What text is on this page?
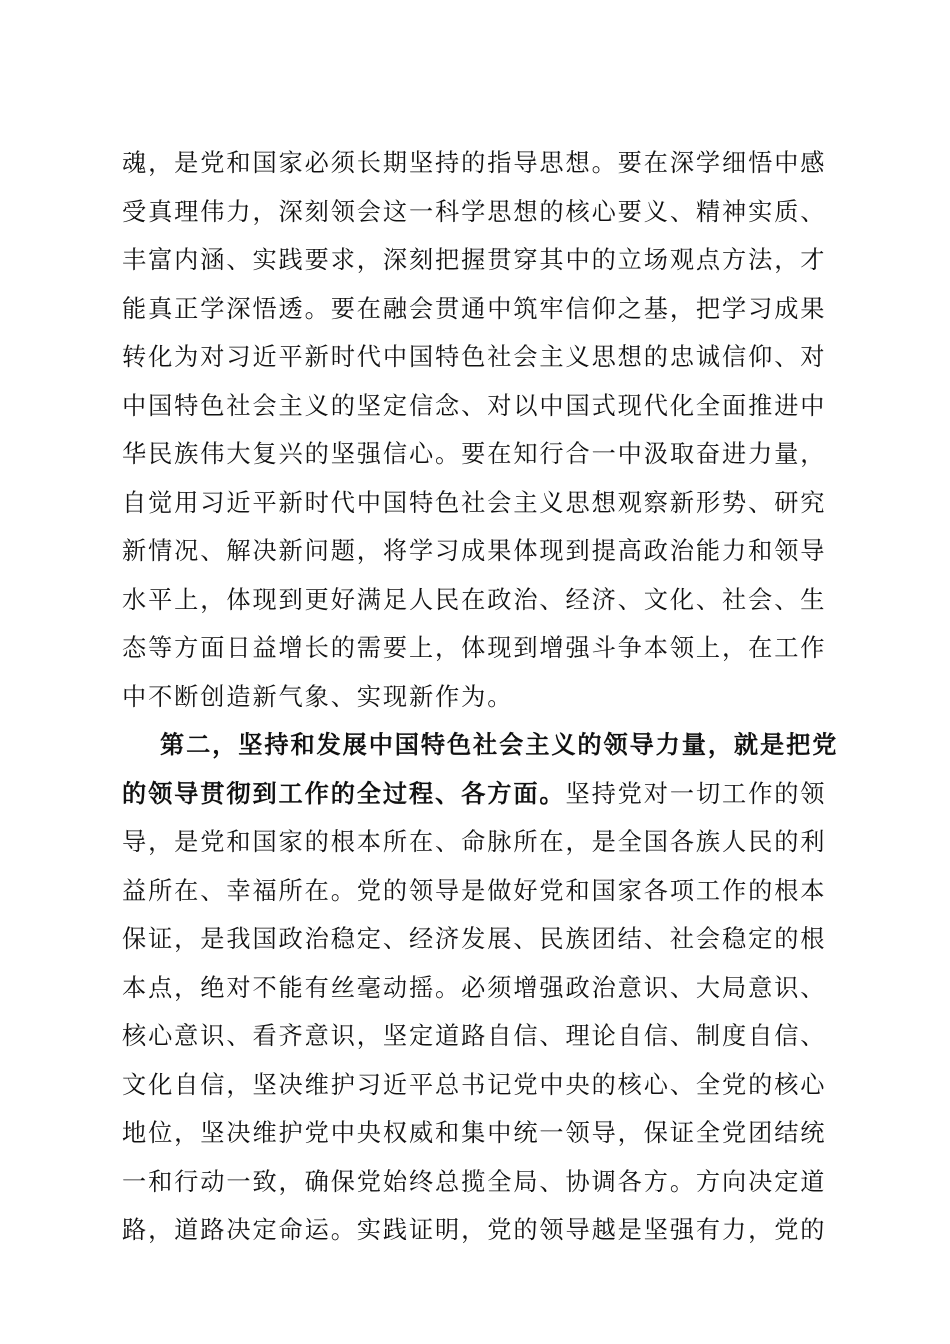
魂，是党和国家必须长期坚持的指导思想。要在深学细悟中感
受真理伟力，深刻领会这一科学思想的核心要义、精神实质、
丰富内涵、实践要求，深刻把握贯穿其中的立场观点方法，才
能真正学深悟透。要在融会贯通中筑牢信仰之基，把学习成果
转化为对习近平新时代中国特色社会主义思想的忠诚信仰、对
中国特色社会主义的坚定信念、对以中国式现代化全面推进中
华民族伟大复兴的坚强信心。要在知行合一中汲取奋进力量，
自觉用习近平新时代中国特色社会主义思想观察新形势、研究
新情况、解决新问题，将学习成果体现到提高政治能力和领导
水平上，体现到更好满足人民在政治、经济、文化、社会、生
态等方面日益增长的需要上，体现到增强斗争本领上，在工作
中不断创造新气象、实现新作为。
第二，坚持和发展中国特色社会主义的领导力量，就是把党
的领导贯彻到工作的全过程、各方面。坚持党对一切工作的领
导，是党和国家的根本所在、命脉所在，是全国各族人民的利
益所在、幸福所在。党的领导是做好党和国家各项工作的根本
保证，是我国政治稳定、经济发展、民族团结、社会稳定的根
本点，绝对不能有丝毫动摇。必须增强政治意识、大局意识、
核心意识、看齐意识，坚定道路自信、理论自信、制度自信、
文化自信，坚决维护习近平总书记党中央的核心、全党的核心
地位，坚决维护党中央权威和集中统一领导，保证全党团结统
一和行动一致，确保党始终总揽全局、协调各方。方向决定道
路，道路决定命运。实践证明，党的领导越是坚强有力，党的
